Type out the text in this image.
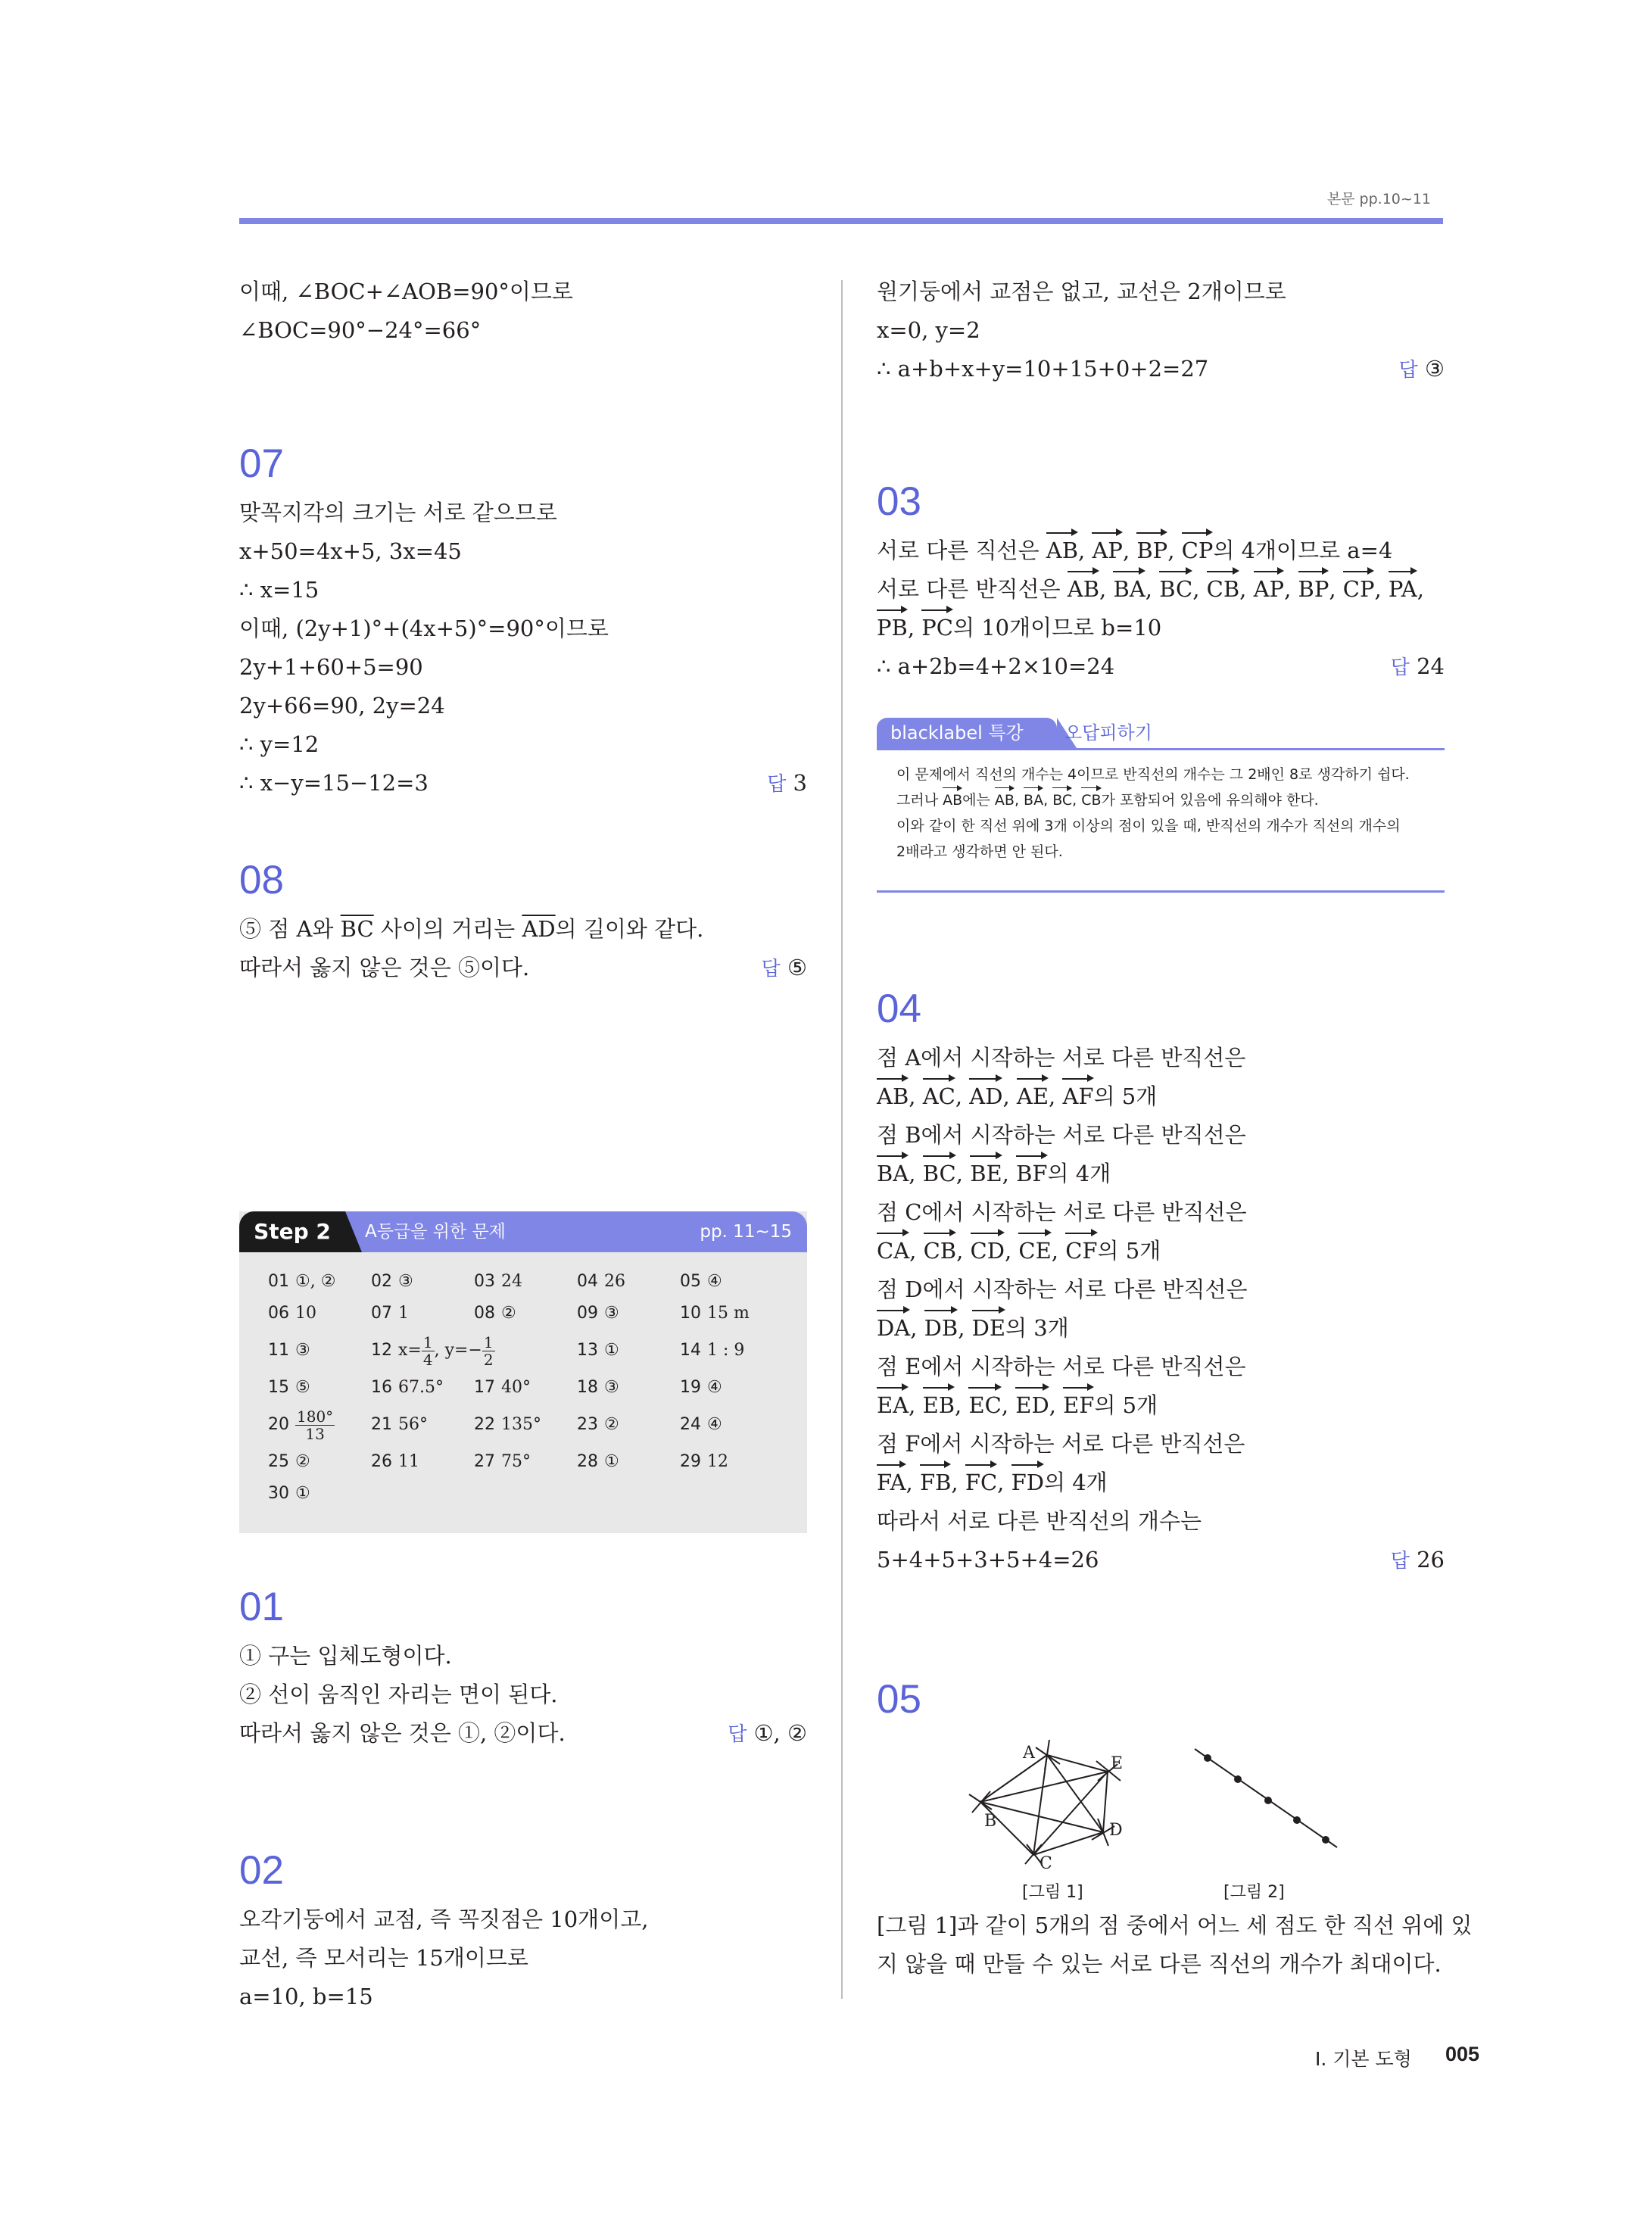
본문 pp.10~11
이때, ∠BOC+∠AOB=90°이므로
∠BOC=90°−24°=66°
07
맞꼭지각의 크기는 서로 같으므로
x+50=4x+5, 3x=45
∴ x=15
이때, (2y+1)°+(4x+5)°=90°이므로
2y+1+60+5=90
2y+66=90, 2y=24
∴ y=12
∴ x−y=15−12=3	답 3
08
⑤ 점 A와 $\overline{BC}$ 사이의 거리는 $\overline{AD}$의 길이와 같다.
따라서 옳지 않은 것은 ⑤이다.	답 ⑤
Step 2	A등급을 위한 문제	pp. 11~15
01 ①, ② 02 ③	03 24	04 26	05 ④
06 10	07 1	08 ②	09 ③	10 15 m
11 ③	12 $x= \frac{1}{4}$ , $y=- \frac{1}{2}$	13 ①	14 1 : 9
15 ⑤	16 67.5° 17 40°	18 ③	19 ④
$20 \frac{180^\circ}{13} 21$ 56°	22 135° 23 ②	24 ④
25 ②	26 11	27 75°	28 ①	29 12
30 ①
01
① 구는 입체도형이다.
② 선이 움직인 자리는 면이 된다.
따라서 옳지 않은 것은 ①, ②이다.	답 ①, ②
02
오각기둥에서 교점, 즉 꼭짓점은 10개이고,
교선, 즉 모서리는 15개이므로
a=10, b=15
원기둥에서 교점은 없고, 교선은 2개이므로
x=0, y=2
∴ a+b+x+y=10+15+0+2=27	답 ③
03
서로 다른 직선은 AB, AP, BP, CP의 4개이므로 a=4
서로 다른 반직선은 AB, BA, BC, CB, AP, BP, CP, PA,
PB, PC의 10개이므로 b=10
∴ a+2b=4+2×10=24	답 24
blacklabel 특강	오답피하기
이 문제에서 직선의 개수는 4이므로 반직선의 개수는 그 2배인 8로 생각하기 쉽다.
그러나 AB에는 AB, BA, BC, CB가 포함되어 있음에 유의해야 한다.
이와 같이 한 직선 위에 3개 이상의 점이 있을 때, 반직선의 개수가 직선의 개수의
2배라고 생각하면 안 된다.
04
점 A에서 시작하는 서로 다른 반직선은
AB, AC, AD, AE, AF의 5개
점 B에서 시작하는 서로 다른 반직선은
BA, BC, BE, BF의 4개
점 C에서 시작하는 서로 다른 반직선은
CA, CB, CD, CE, CF의 5개
점 D에서 시작하는 서로 다른 반직선은
DA, DB, DE의 3개
점 E에서 시작하는 서로 다른 반직선은
EA, EB, EC, ED, EF의 5개
점 F에서 시작하는 서로 다른 반직선은
FA, FB, FC, FD의 4개
따라서 서로 다른 반직선의 개수는
5+4+5+3+5+4=26	답 26
05
A
E
B	D
C
[그림 1]	[그림 2]
[그림 1]과 같이 5개의 점 중에서 어느 세 점도 한 직선 위에 있
지 않을 때 만들 수 있는 서로 다른 직선의 개수가 최대이다.
Ⅰ. 기본 도형 005
